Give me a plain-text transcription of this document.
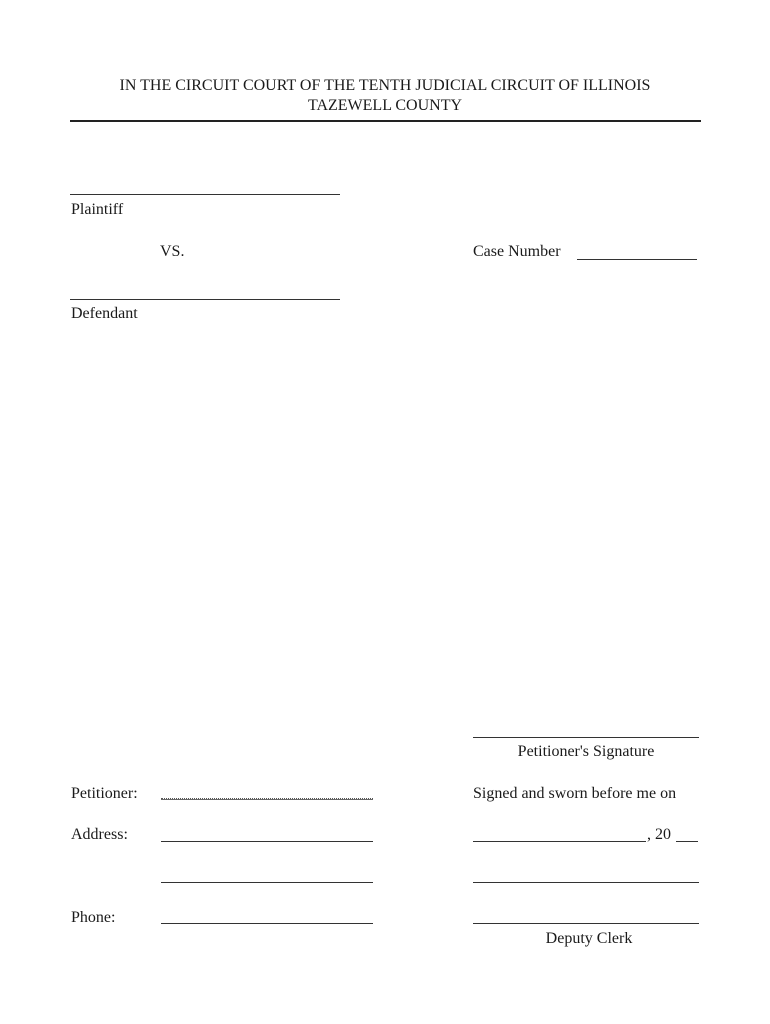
IN THE CIRCUIT COURT OF THE TENTH JUDICIAL CIRCUIT OF ILLINOIS
TAZEWELL COUNTY
Plaintiff
VS.	Case Number
Defendant
Petitioner's Signature
Petitioner:	Signed and sworn before me on
Address:	, 20
Phone:
Deputy Clerk
